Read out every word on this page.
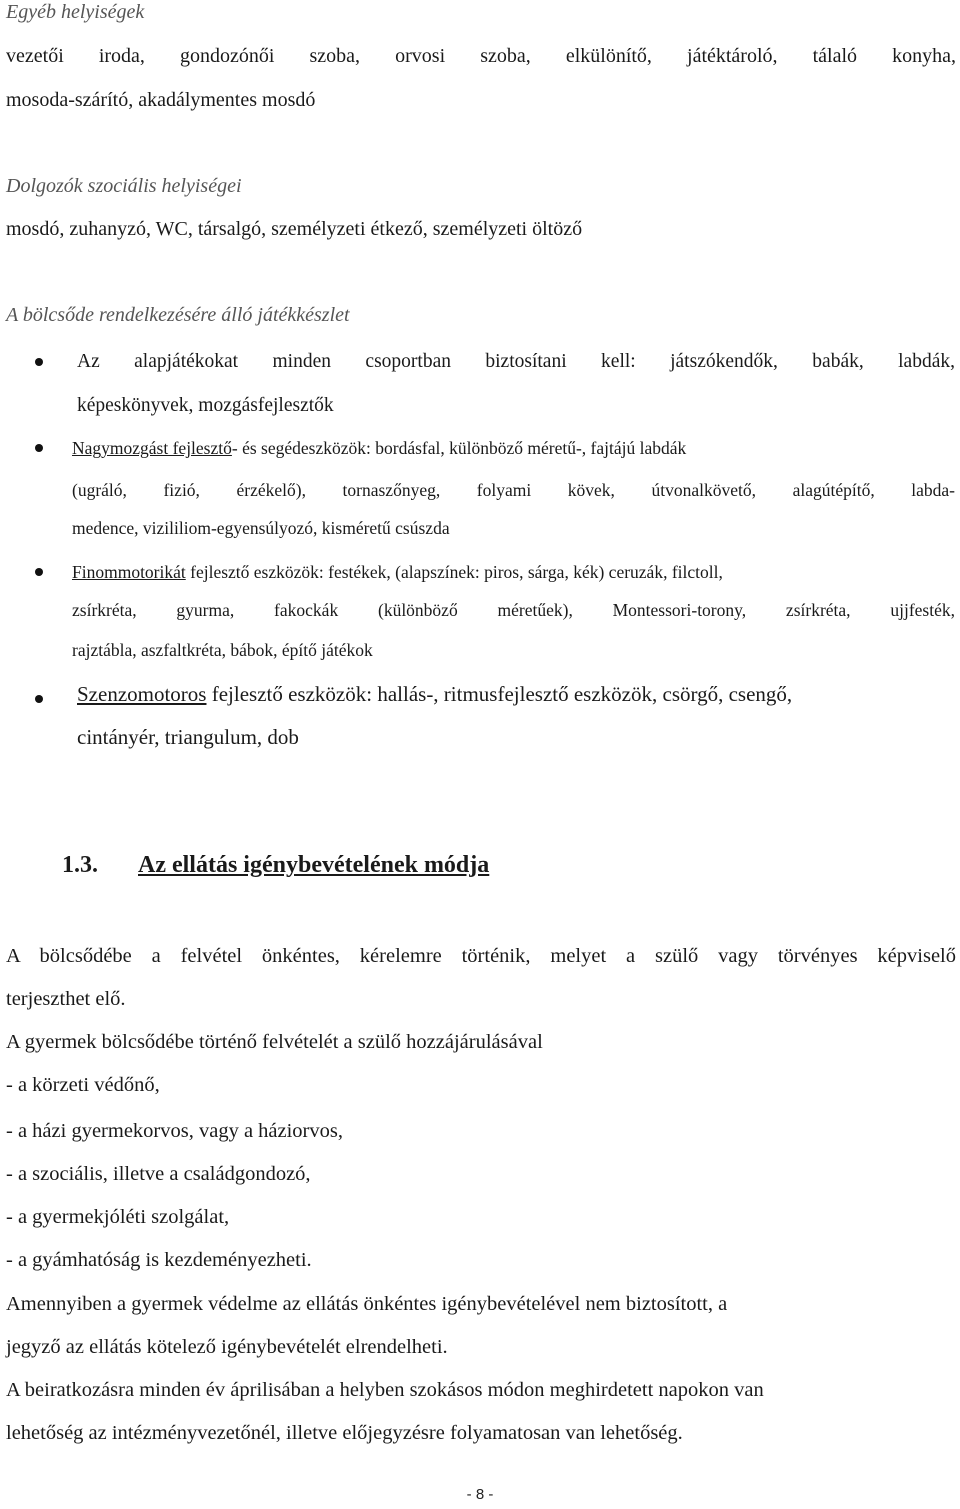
Egyéb helyiségek
vezetői iroda, gondozónői szoba, orvosi szoba, elkülönítő, játéktároló, tálaló konyha,
mosoda-szárító, akadálymentes mosdó
Dolgozók szociális helyiségei
mosdó, zuhanyzó, WC, társalgó, személyzeti étkező, személyzeti öltöző
A bölcsőde rendelkezésére álló játékkészlet
Az alapjátékokat minden csoportban biztosítani kell: játszókendők, babák, labdák,
képeskönyvek, mozgásfejlesztők
Nagymozgást fejlesztő- és segédeszközök: bordásfal, különböző méretű-, fajtájú labdák
(ugráló, fizió, érzékelő), tornaszőnyeg, folyami kövek, útvonalkövető, alagútépítő, labda-
medence, vizililiom-egyensúlyozó, kisméretű csúszda
Finommotorikát fejlesztő eszközök: festékek, (alapszínek: piros, sárga, kék) ceruzák, filctoll,
zsírkréta, gyurma, fakockák (különböző méretűek), Montessori-torony, zsírkréta, ujjfesték,
rajztábla, aszfaltkréta, bábok, építő játékok
Szenzomotoros fejlesztő eszközök: hallás-, ritmusfejlesztő eszközök, csörgő, csengő,
cintányér, triangulum, dob
1.3. Az ellátás igénybevételének módja
A bölcsődébe a felvétel önkéntes, kérelemre történik, melyet a szülő vagy törvényes képviselő
terjeszthet elő.
A gyermek bölcsődébe történő felvételét a szülő hozzájárulásával
- a körzeti védőnő,
- a házi gyermekorvos, vagy a háziorvos,
- a szociális, illetve a családgondozó,
- a gyermekjóléti szolgálat,
- a gyámhatóság is kezdeményezheti.
Amennyiben a gyermek védelme az ellátás önkéntes igénybevételével nem biztosított, a
jegyző az ellátás kötelező igénybevételét elrendelheti.
A beiratkozásra minden év áprilisában a helyben szokásos módon meghirdetett napokon van
lehetőség az intézményvezetőnél, illetve előjegyzésre folyamatosan van lehetőség.
- 8 -
